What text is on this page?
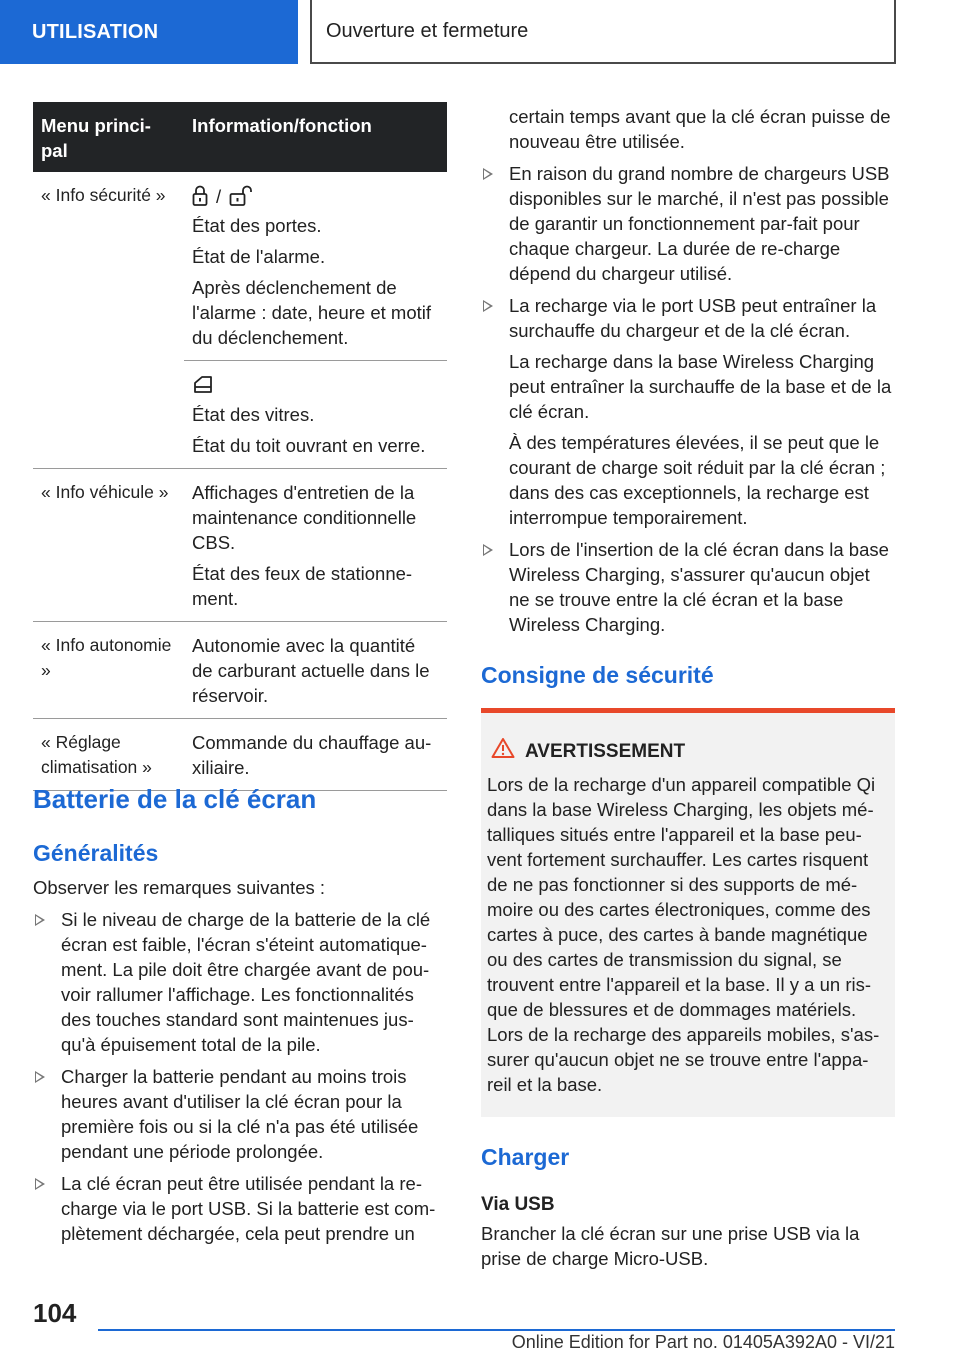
UTILISATION	Ouverture et fermeture
Menu princi-pal	Information/fonction
« Info sécurité »	/

État des portes.

État de l'alarme.

Après déclenchement de l'alarme : date, heure et motif du déclenchement.

	État des vitres.

État du toit ouvrant en verre.

« Info véhicule »	Affichages d'entretien de la maintenance conditionnelle CBS.

État des feux de stationne-ment.

« Info autonomie »	Autonomie avec la quantité de carburant actuelle dans le réservoir.

« Réglage climatisation »	Commande du chauffage au-xiliaire.

Batterie de la clé écran
Généralités
Observer les remarques suivantes :
Si le niveau de charge de la batterie de la clé écran est faible, l'écran s'éteint automatique-ment. La pile doit être chargée avant de pou-voir rallumer l'affichage. Les fonctionnalités des touches standard sont maintenues jus-qu'à épuisement total de la pile.
Charger la batterie pendant au moins trois heures avant d'utiliser la clé écran pour la première fois ou si la clé n'a pas été utilisée pendant une période prolongée.
La clé écran peut être utilisée pendant la re-charge via le port USB. Si la batterie est com-plètement déchargée, cela peut prendre un

certain temps avant que la clé écran puisse de nouveau être utilisée.

En raison du grand nombre de chargeurs USB disponibles sur le marché, il n'est pas possible de garantir un fonctionnement par-fait pour chaque chargeur. La durée de re-charge dépend du chargeur utilisé.
La recharge via le port USB peut entraîner la surchauffe du chargeur et de la clé écran.

La recharge dans la base Wireless Charging peut entraîner la surchauffe de la base et de la clé écran.

À des températures élevées, il se peut que le courant de charge soit réduit par la clé écran ; dans des cas exceptionnels, la recharge est interrompue temporairement.

Lors de l'insertion de la clé écran dans la base Wireless Charging, s'assurer qu'aucun objet ne se trouve entre la clé écran et la base Wireless Charging.
Consigne de sécurité
AVERTISSEMENT
Lors de la recharge d'un appareil compatible Qi dans la base Wireless Charging, les objets mé-talliques situés entre l'appareil et la base peu-vent fortement surchauffer. Les cartes risquent de ne pas fonctionner si des supports de mé-moire ou des cartes électroniques, comme des cartes à puce, des cartes à bande magnétique ou des cartes de transmission du signal, se trouvent entre l'appareil et la base. Il y a un ris-que de blessures et de dommages matériels. Lors de la recharge des appareils mobiles, s'as-surer qu'aucun objet ne se trouve entre l'appa-reil et la base.
Charger
Via USB

Brancher la clé écran sur une prise USB via la prise de charge Micro-USB.

104
Online Edition for Part no. 01405A392A0 - VI/21
